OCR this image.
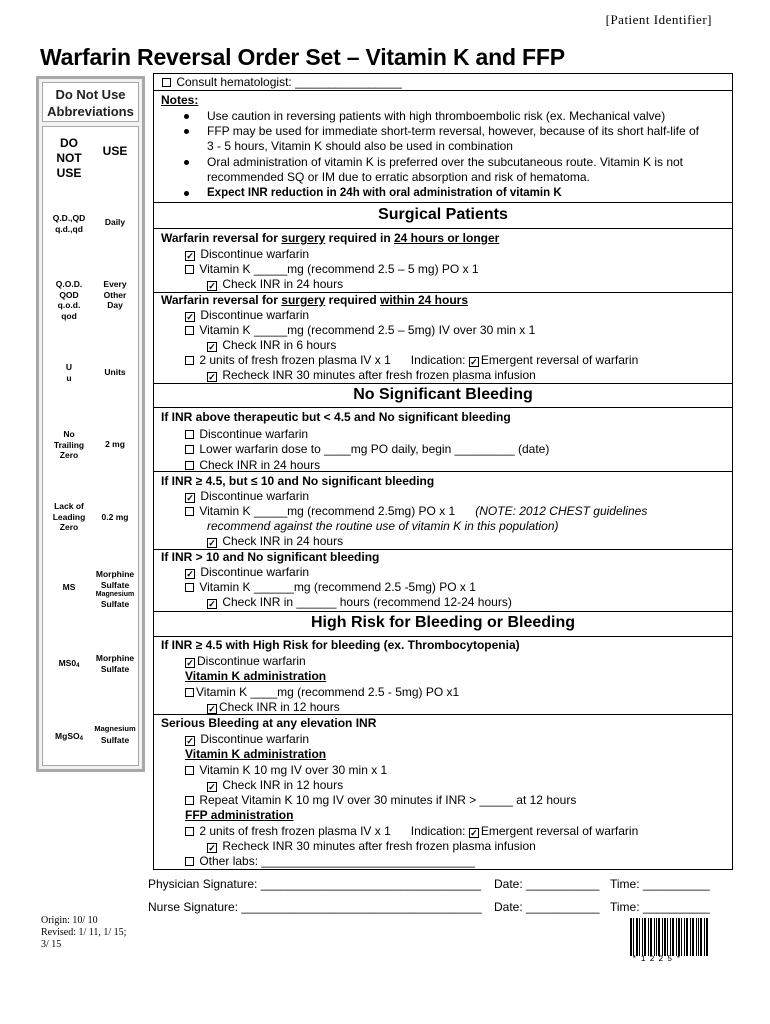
[Patient Identifier]
Warfarin Reversal Order Set – Vitamin K and FFP
Do Not Use
Abbreviations
DO
NOT
USE
USE
Q.D.,QD
q.d.,qd
Daily
Q.O.D.
QOD
q.o.d.
qod
Every
Other
Day
U
u
Units
No
Trailing
Zero
2 mg
Lack of
Leading
Zero
0.2 mg
MS
Morphine
Sulfate
Magnesium
Sulfate
MS04
Morphine
Sulfate
MgSO4
Magnesium
Sulfate
Consult hematologist: ________________
Notes:
Use caution in reversing patients with high thromboembolic risk (ex. Mechanical valve)
FFP may be used for immediate short-term reversal, however, because of its short half-life of
3 - 5 hours, Vitamin K should also be used in combination
Oral administration of vitamin K is preferred over the subcutaneous route. Vitamin K is not
recommended SQ or IM due to erratic absorption and risk of hematoma.
Expect INR reduction in 24h with oral administration of vitamin K
Surgical Patients
Warfarin reversal for surgery required in 24 hours or longer
✓ Discontinue warfarin
Vitamin K _____mg (recommend 2.5 – 5 mg) PO x 1
✓ Check INR in 24 hours
Warfarin reversal for surgery required within 24 hours
✓ Discontinue warfarin
Vitamin K _____mg (recommend 2.5 – 5mg) IV over 30 min x 1
✓ Check INR in 6 hours
2 units of fresh frozen plasma IV x 1 Indication: ✓ Emergent reversal of warfarin
✓ Recheck INR 30 minutes after fresh frozen plasma infusion
No Significant Bleeding
If INR above therapeutic but < 4.5 and No significant bleeding
Discontinue warfarin
Lower warfarin dose to ____mg PO daily, begin _________ (date)
Check INR in 24 hours
If INR ≥ 4.5, but ≤ 10 and No significant bleeding
✓ Discontinue warfarin
Vitamin K _____mg (recommend 2.5mg) PO x 1 (NOTE: 2012 CHEST guidelines
recommend against the routine use of vitamin K in this population)
✓ Check INR in 24 hours
If INR > 10 and No significant bleeding
✓ Discontinue warfarin
Vitamin K ______mg (recommend 2.5 -5mg) PO x 1
✓ Check INR in ______ hours (recommend 12-24 hours)
High Risk for Bleeding or Bleeding
If INR ≥ 4.5 with High Risk for bleeding (ex. Thrombocytopenia)
✓ Discontinue warfarin
Vitamin K administration
Vitamin K ____mg (recommend 2.5 - 5mg) PO x1
✓ Check INR in 12 hours
Serious Bleeding at any elevation INR
✓ Discontinue warfarin
Vitamin K administration
Vitamin K 10 mg IV over 30 min x 1
✓ Check INR in 12 hours
Repeat Vitamin K 10 mg IV over 30 minutes if INR > _____ at 12 hours
FFP administration
2 units of fresh frozen plasma IV x 1 Indication: ✓ Emergent reversal of warfarin
✓ Recheck INR 30 minutes after fresh frozen plasma infusion
Other labs: ________________________________
Physician Signature: _________________________________ Date: ___________ Time: __________
Nurse Signature: ____________________________________ Date: ___________ Time: __________
Origin: 10/ 10
Revised: 1/ 11, 1/ 15;
3/ 15
*1225*
